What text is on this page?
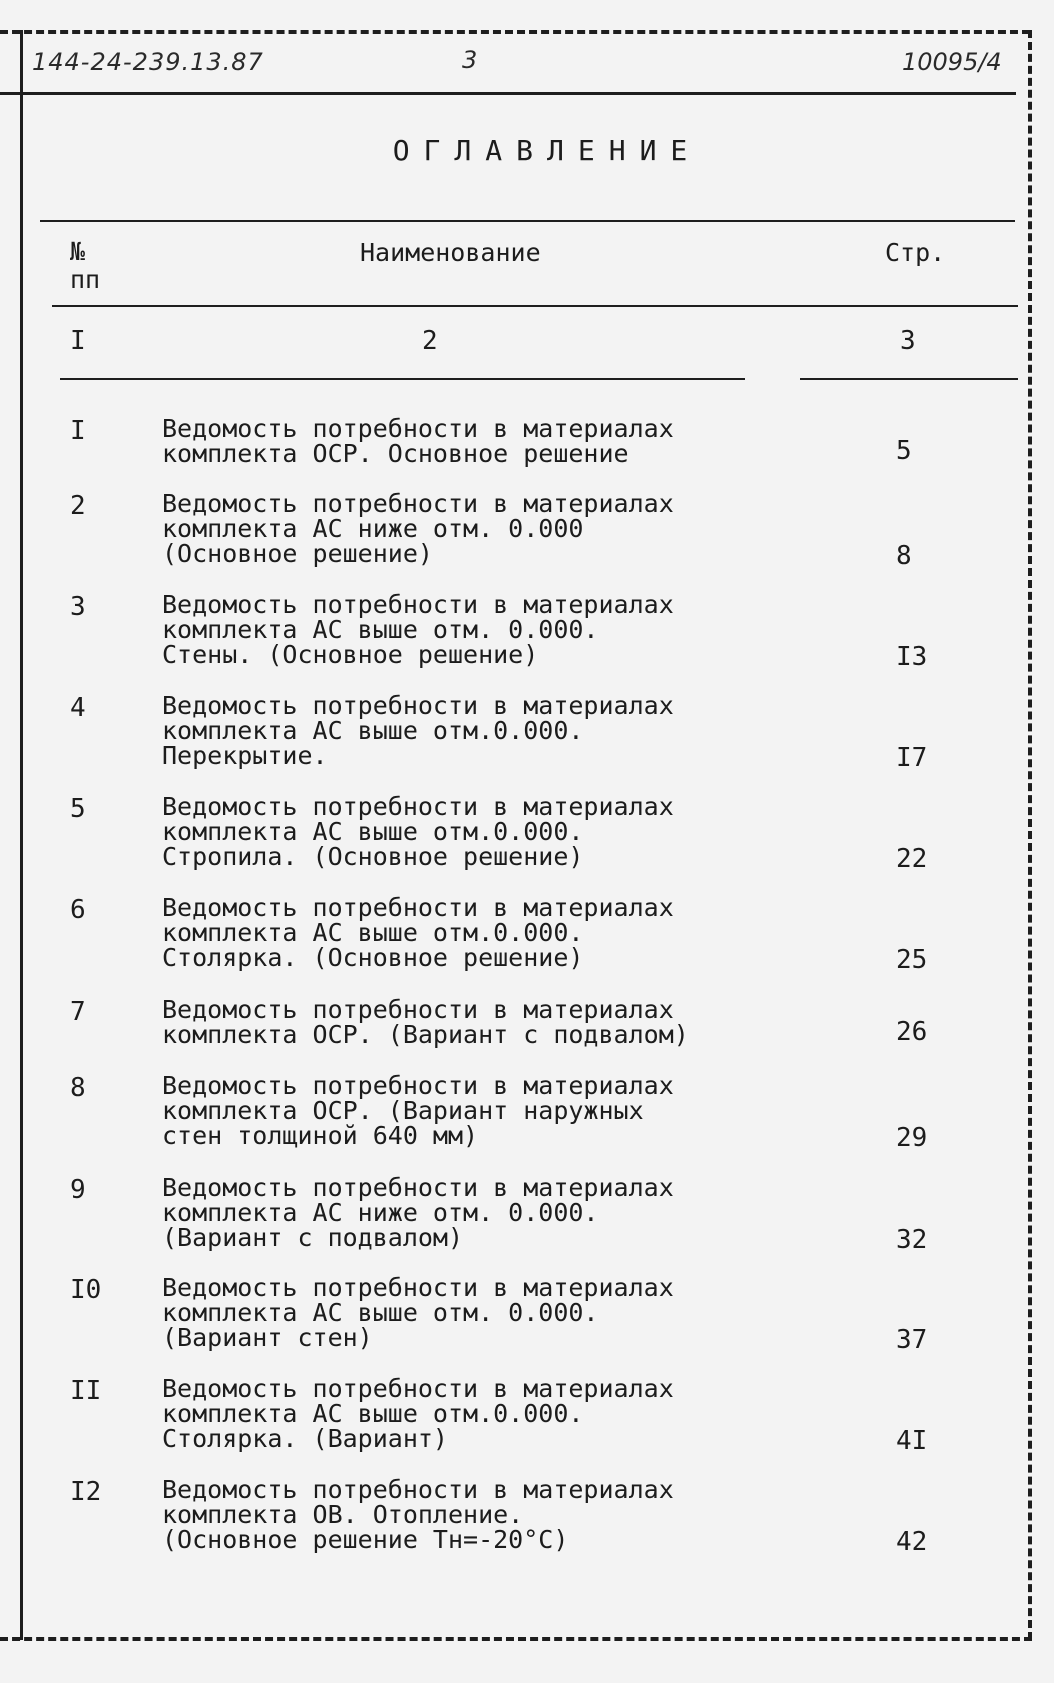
144-24-239.13.87	3	10095/4
ОГЛАВЛЕНИЕ
№ пп
Наименование	Стр.
I	2	3
I	Ведомость потребности в материалах
комплекта ОСР. Основное решение	5
2	Ведомость потребности в материалах
комплекта АС ниже отм. 0.000
(Основное решение)	8
3	Ведомость потребности в материалах
комплекта АС выше отм. 0.000.
Стены. (Основное решение)	I3
4	Ведомость потребности в материалах
комплекта АС выше отм.0.000.
Перекрытие.	I7
5	Ведомость потребности в материалах
комплекта АС выше отм.0.000.
Стропила. (Основное решение)	22
6	Ведомость потребности в материалах
комплекта АС выше отм.0.000.
Столярка. (Основное решение)	25
7	Ведомость потребности в материалах
комплекта ОСР. (Вариант с подвалом)	26
8	Ведомость потребности в материалах
комплекта ОСР. (Вариант наружных
стен толщиной 640 мм)	29
9	Ведомость потребности в материалах
комплекта АС ниже отм. 0.000.
(Вариант с подвалом)	32
I0 Ведомость потребности в материалах
комплекта АС выше отм. 0.000.
(Вариант стен)	37
II Ведомость потребности в материалах
комплекта АС выше отм.0.000.
Столярка. (Вариант)	4I
I2 Ведомость потребности в материалах
комплекта ОВ. Отопление.
(Основное решение Тн=-20°С)	42
